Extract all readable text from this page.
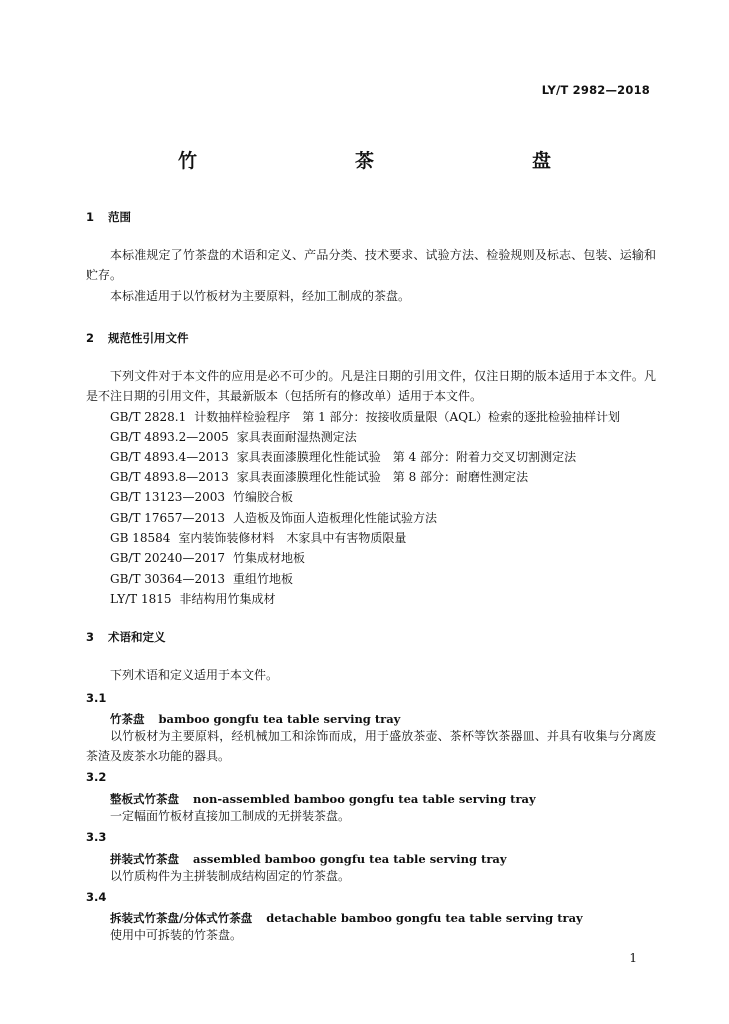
LY/T 2982—2018
竹　　茶　　盘
1 范围

本标准规定了竹茶盘的术语和定义、产品分类、技术要求、试验方法、检验规则及标志、包装、运输和贮存。

本标准适用于以竹板材为主要原料，经加工制成的茶盘。

2 规范性引用文件

下列文件对于本文件的应用是必不可少的。凡是注日期的引用文件，仅注日期的版本适用于本文件。凡是不注日期的引用文件，其最新版本（包括所有的修改单）适用于本文件。

GB/T 2828.1 计数抽样检验程序　第 1 部分：按接收质量限（AQL）检索的逐批检验抽样计划
GB/T 4893.2—2005 家具表面耐湿热测定法
GB/T 4893.4—2013 家具表面漆膜理化性能试验　第 4 部分：附着力交叉切割测定法
GB/T 4893.8—2013 家具表面漆膜理化性能试验　第 8 部分：耐磨性测定法
GB/T 13123—2003 竹编胶合板
GB/T 17657—2013 人造板及饰面人造板理化性能试验方法
GB 18584 室内装饰装修材料　木家具中有害物质限量
GB/T 20240—2017 竹集成材地板
GB/T 30364—2013 重组竹地板
LY/T 1815 非结构用竹集成材
3 术语和定义

下列术语和定义适用于本文件。

3.1
竹茶盘 bamboo gongfu tea table serving tray

以竹板材为主要原料，经机械加工和涂饰而成，用于盛放茶壶、茶杯等饮茶器皿、并具有收集与分离废茶渣及废茶水功能的器具。

3.2
整板式竹茶盘 non-assembled bamboo gongfu tea table serving tray

一定幅面竹板材直接加工制成的无拼装茶盘。

3.3
拼装式竹茶盘 assembled bamboo gongfu tea table serving tray

以竹质构件为主拼装制成结构固定的竹茶盘。

3.4
拆装式竹茶盘/分体式竹茶盘 detachable bamboo gongfu tea table serving tray

使用中可拆装的竹茶盘。

1
